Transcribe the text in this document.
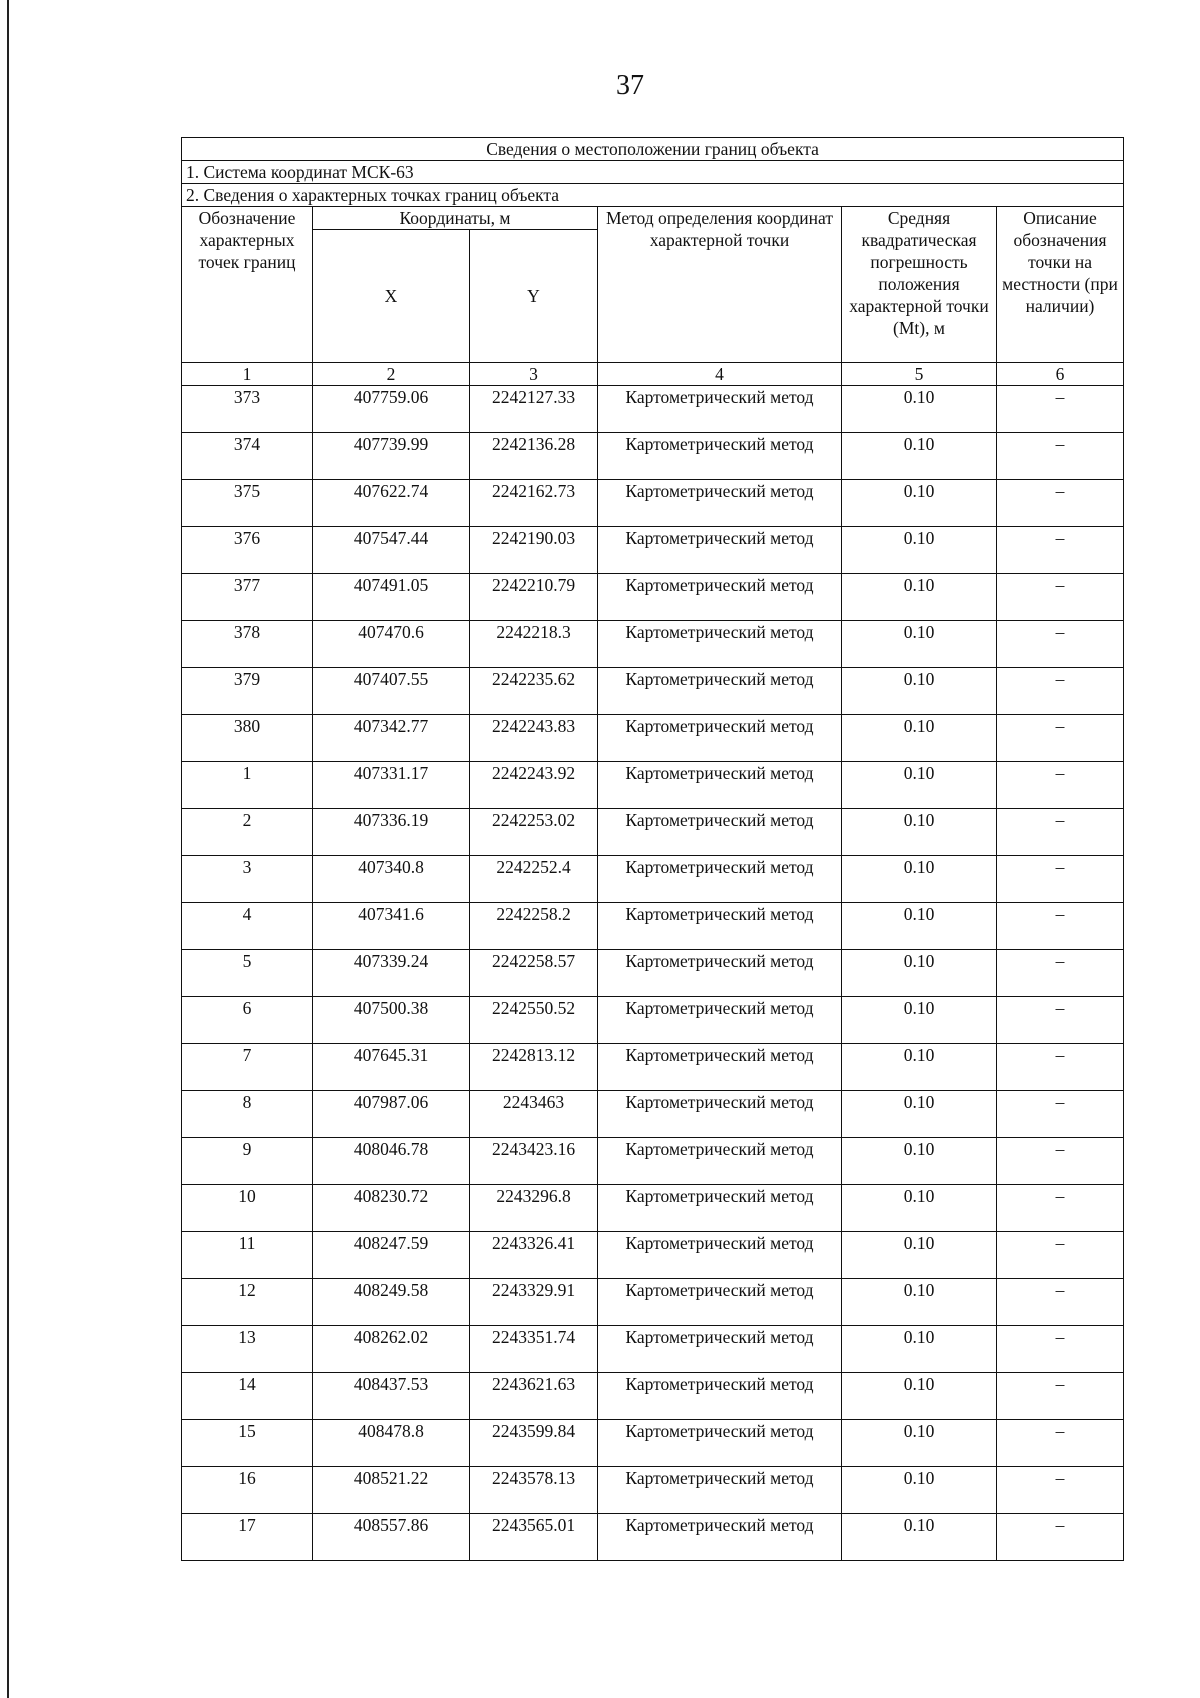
37
Сведения о местоположении границ объекта					
1. Система координат МСК-63					
2. Сведения о характерных точках границ объекта					
Обозначение характерных точек границ	Координаты, м		Метод определения координат характерной точки	Средняя квадратическая погрешность положения характерной точки (Mt), м	Описание обозначения точки на местности (при наличии)
	X	Y			
1	2	3	4	5	6
373	407759.06	2242127.33	Картометрический метод	0.10	–
374	407739.99	2242136.28	Картометрический метод	0.10	–
375	407622.74	2242162.73	Картометрический метод	0.10	–
376	407547.44	2242190.03	Картометрический метод	0.10	–
377	407491.05	2242210.79	Картометрический метод	0.10	–
378	407470.6	2242218.3	Картометрический метод	0.10	–
379	407407.55	2242235.62	Картометрический метод	0.10	–
380	407342.77	2242243.83	Картометрический метод	0.10	–
1	407331.17	2242243.92	Картометрический метод	0.10	–
2	407336.19	2242253.02	Картометрический метод	0.10	–
3	407340.8	2242252.4	Картометрический метод	0.10	–
4	407341.6	2242258.2	Картометрический метод	0.10	–
5	407339.24	2242258.57	Картометрический метод	0.10	–
6	407500.38	2242550.52	Картометрический метод	0.10	–
7	407645.31	2242813.12	Картометрический метод	0.10	–
8	407987.06	2243463	Картометрический метод	0.10	–
9	408046.78	2243423.16	Картометрический метод	0.10	–
10	408230.72	2243296.8	Картометрический метод	0.10	–
11	408247.59	2243326.41	Картометрический метод	0.10	–
12	408249.58	2243329.91	Картометрический метод	0.10	–
13	408262.02	2243351.74	Картометрический метод	0.10	–
14	408437.53	2243621.63	Картометрический метод	0.10	–
15	408478.8	2243599.84	Картометрический метод	0.10	–
16	408521.22	2243578.13	Картометрический метод	0.10	–
17	408557.86	2243565.01	Картометрический метод	0.10	–
